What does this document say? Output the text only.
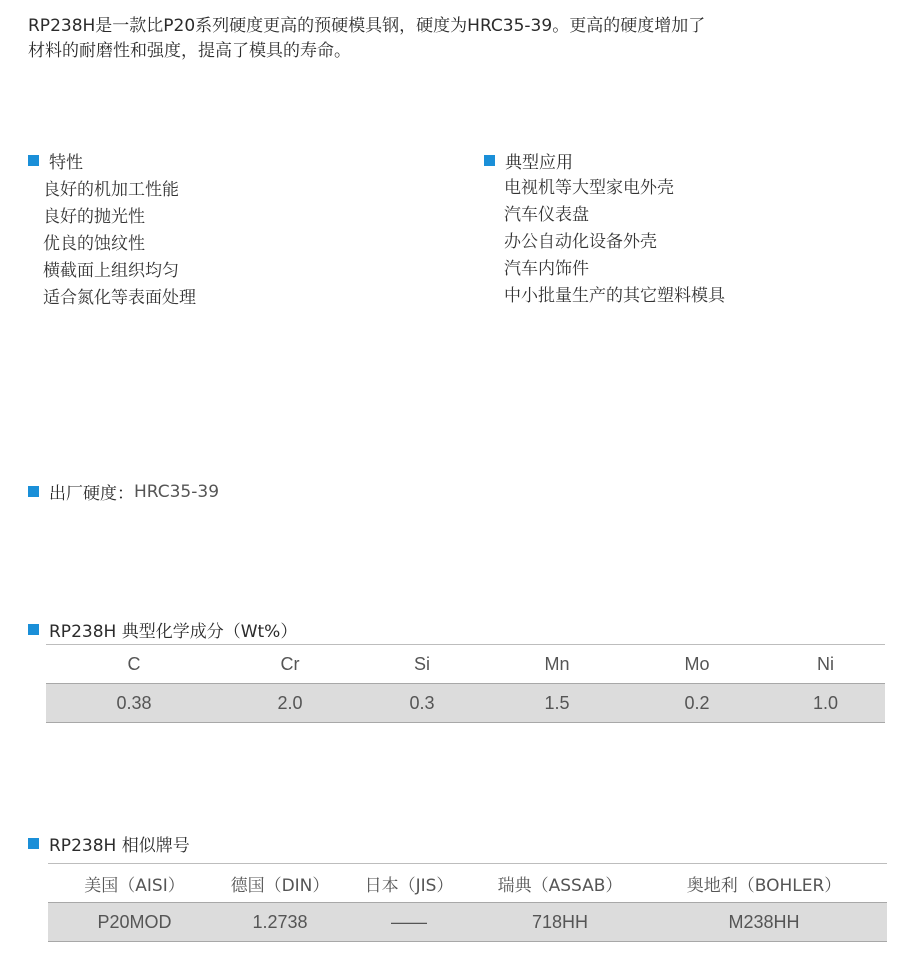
RP238H是一款比P20系列硬度更高的预硬模具钢，硬度为HRC35-39。更高的硬度增加了

材料的耐磨性和强度，提高了模具的寿命。

特性
良好的机加工性能
良好的抛光性
优良的蚀纹性
横截面上组织均匀
适合氮化等表面处理
典型应用
电视机等大型家电外壳
汽车仪表盘
办公自动化设备外壳
汽车内饰件
中小批量生产的其它塑料模具
出厂硬度： HRC35-39
RP238H 典型化学成分（Wt%）
C	Cr	Si	Mn	Mo	Ni
0.38	2.0	0.3	1.5	0.2	1.0
RP238H 相似牌号
美国（AISI）	德国（DIN）	日本（JIS）	瑞典（ASSAB）	奥地利（BOHLER）
P20MOD	1.2738	——	718HH	M238HH
